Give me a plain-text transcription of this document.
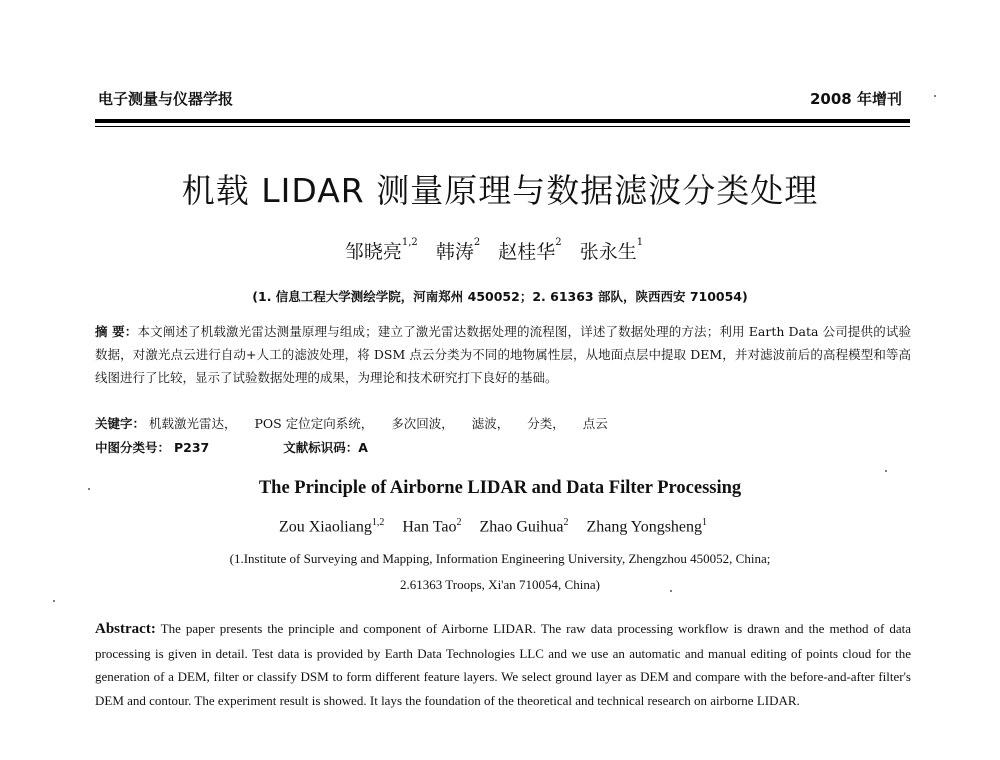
电子测量与仪器学报	2008 年增刊
机载 LIDAR 测量原理与数据滤波分类处理
邹晓亮$^{1,2}$ 韩涛$^2$ 赵桂华$^2$ 张永生$^1$
(1. 信息工程大学测绘学院，河南郑州 450052；2. 61363 部队，陕西西安 710054)
摘 要：本文阐述了机载激光雷达测量原理与组成；建立了激光雷达数据处理的流程图，详述了数据处理的方法；利用 Earth Data 公司提供的试验数据，对激光点云进行自动+人工的滤波处理，将 DSM 点云分类为不同的地物属性层，从地面点层中提取 DEM，并对滤波前后的高程模型和等高线图进行了比较，显示了试验数据处理的成果，为理论和技术研究打下良好的基础。
关键字： 机载激光雷达， POS 定位定向系统， 多次回波， 滤波， 分类， 点云
中图分类号： P237	文献标识码：A
The Principle of Airborne LIDAR and Data Filter Processing
Zou Xiaoliang$^{1,2}$ Han Tao$^2$ Zhao Guihua$^2$ Zhang Yongsheng$^1$
(1.Institute of Surveying and Mapping, Information Engineering University, Zhengzhou 450052, China;
2.61363 Troops, Xi'an 710054, China)
Abstract: The paper presents the principle and component of Airborne LIDAR. The raw data processing workflow is drawn and the method of data processing is given in detail. Test data is provided by Earth Data Technologies LLC and we use an automatic and manual editing of points cloud for the generation of a DEM, filter or classify DSM to form different feature layers. We select ground layer as DEM and compare with the before-and-after filter's DEM and contour. The experiment result is showed. It lays the foundation of the theoretical and technical research on airborne LIDAR.
